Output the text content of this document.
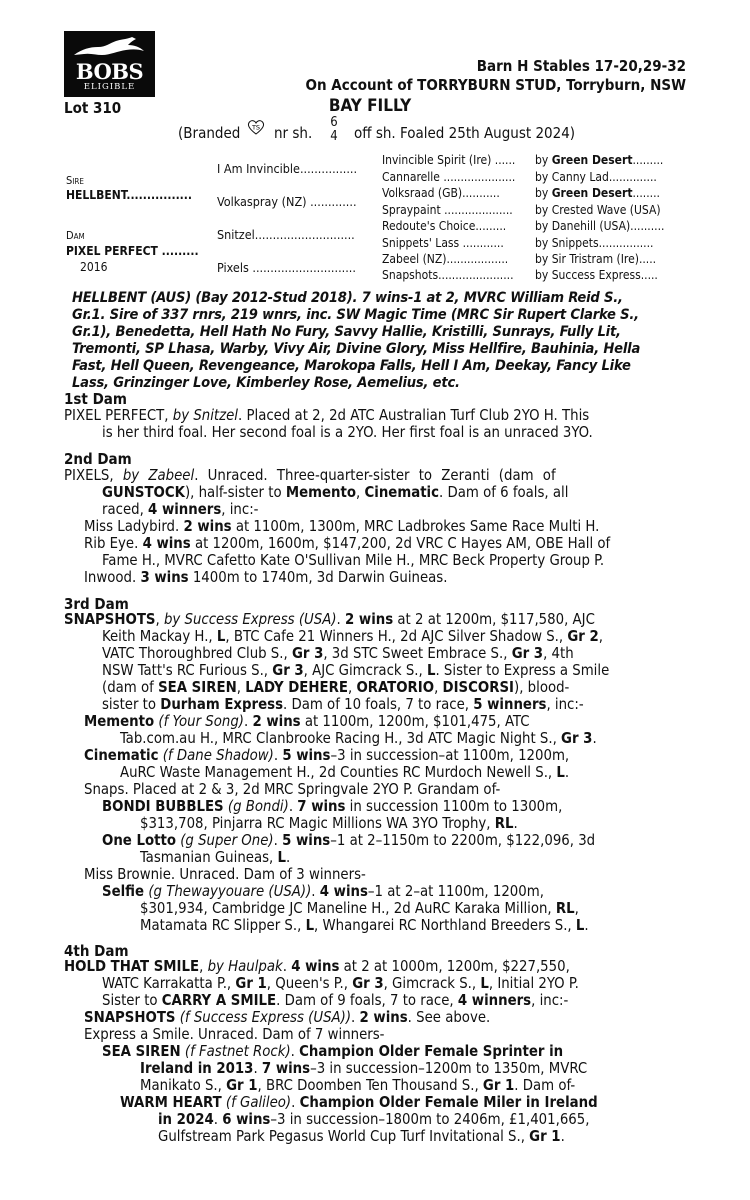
BOBS
ELIGIBLE
Barn H Stables 17-20,29-32
On Account of TORRYBURN STUD, Torryburn, NSW
Lot 310	BAY FILLY
(Branded TS nr sh.
6
4 off sh. Foaled 25th August 2024)
Sire
HELLBENT................
Dam
PIXEL PERFECT .........
2016
I Am Invincible................
Volkaspray (NZ) .............
Snitzel............................
Pixels .............................
Invincible Spirit (Ire) ......
Cannarelle .....................
Volksraad (GB)...........
Spraypaint ....................
Redoute's Choice.........
Snippets' Lass ............
Zabeel (NZ)..................
Snapshots......................
by Green Desert.........
by Canny Lad..............
by Green Desert........
by Crested Wave (USA)
by Danehill (USA)..........
by Snippets................
by Sir Tristram (Ire).....
by Success Express.....
HELLBENT (AUS) (Bay 2012-Stud 2018). 7 wins-1 at 2, MVRC William Reid S.,
Gr.1. Sire of 337 rnrs, 219 wnrs, inc. SW Magic Time (MRC Sir Rupert Clarke S.,
Gr.1), Benedetta, Hell Hath No Fury, Savvy Hallie, Kristilli, Sunrays, Fully Lit,
Tremonti, SP Lhasa, Warby, Vivy Air, Divine Glory, Miss Hellfire, Bauhinia, Hella
Fast, Hell Queen, Revengeance, Marokopa Falls, Hell I Am, Deekay, Fancy Like
Lass, Grinzinger Love, Kimberley Rose, Aemelius, etc.
1st Dam
PIXEL PERFECT, by Snitzel. Placed at 2, 2d ATC Australian Turf Club 2YO H. This
is her third foal. Her second foal is a 2YO. Her first foal is an unraced 3YO.
2nd Dam
PIXELS, by Zabeel. Unraced. Three-quarter-sister to Zeranti (dam of
GUNSTOCK), half-sister to Memento, Cinematic. Dam of 6 foals, all
raced, 4 winners, inc:-
Miss Ladybird. 2 wins at 1100m, 1300m, MRC Ladbrokes Same Race Multi H.
Rib Eye. 4 wins at 1200m, 1600m, $147,200, 2d VRC C Hayes AM, OBE Hall of
Fame H., MVRC Cafetto Kate O'Sullivan Mile H., MRC Beck Property Group P.
Inwood. 3 wins 1400m to 1740m, 3d Darwin Guineas.
3rd Dam
SNAPSHOTS, by Success Express (USA). 2 wins at 2 at 1200m, $117,580, AJC
Keith Mackay H., L, BTC Cafe 21 Winners H., 2d AJC Silver Shadow S., Gr 2,
VATC Thoroughbred Club S., Gr 3, 3d STC Sweet Embrace S., Gr 3, 4th
NSW Tatt's RC Furious S., Gr 3, AJC Gimcrack S., L. Sister to Express a Smile
(dam of SEA SIREN, LADY DEHERE, ORATORIO, DISCORSI), blood-
sister to Durham Express. Dam of 10 foals, 7 to race, 5 winners, inc:-
Memento (f Your Song). 2 wins at 1100m, 1200m, $101,475, ATC
Tab.com.au H., MRC Clanbrooke Racing H., 3d ATC Magic Night S., Gr 3.
Cinematic (f Dane Shadow). 5 wins–3 in succession–at 1100m, 1200m,
AuRC Waste Management H., 2d Counties RC Murdoch Newell S., L.
Snaps. Placed at 2 & 3, 2d MRC Springvale 2YO P. Grandam of-
BONDI BUBBLES (g Bondi). 7 wins in succession 1100m to 1300m,
$313,708, Pinjarra RC Magic Millions WA 3YO Trophy, RL.
One Lotto (g Super One). 5 wins–1 at 2–1150m to 2200m, $122,096, 3d
Tasmanian Guineas, L.
Miss Brownie. Unraced. Dam of 3 winners-
Selfie (g Thewayyouare (USA)). 4 wins–1 at 2–at 1100m, 1200m,
$301,934, Cambridge JC Maneline H., 2d AuRC Karaka Million, RL,
Matamata RC Slipper S., L, Whangarei RC Northland Breeders S., L.
4th Dam
HOLD THAT SMILE, by Haulpak. 4 wins at 2 at 1000m, 1200m, $227,550,
WATC Karrakatta P., Gr 1, Queen's P., Gr 3, Gimcrack S., L, Initial 2YO P.
Sister to CARRY A SMILE. Dam of 9 foals, 7 to race, 4 winners, inc:-
SNAPSHOTS (f Success Express (USA)). 2 wins. See above.
Express a Smile. Unraced. Dam of 7 winners-
SEA SIREN (f Fastnet Rock). Champion Older Female Sprinter in
Ireland in 2013. 7 wins–3 in succession–1200m to 1350m, MVRC
Manikato S., Gr 1, BRC Doomben Ten Thousand S., Gr 1. Dam of-
WARM HEART (f Galileo). Champion Older Female Miler in Ireland
in 2024. 6 wins–3 in succession–1800m to 2406m, £1,401,665,
Gulfstream Park Pegasus World Cup Turf Invitational S., Gr 1.
